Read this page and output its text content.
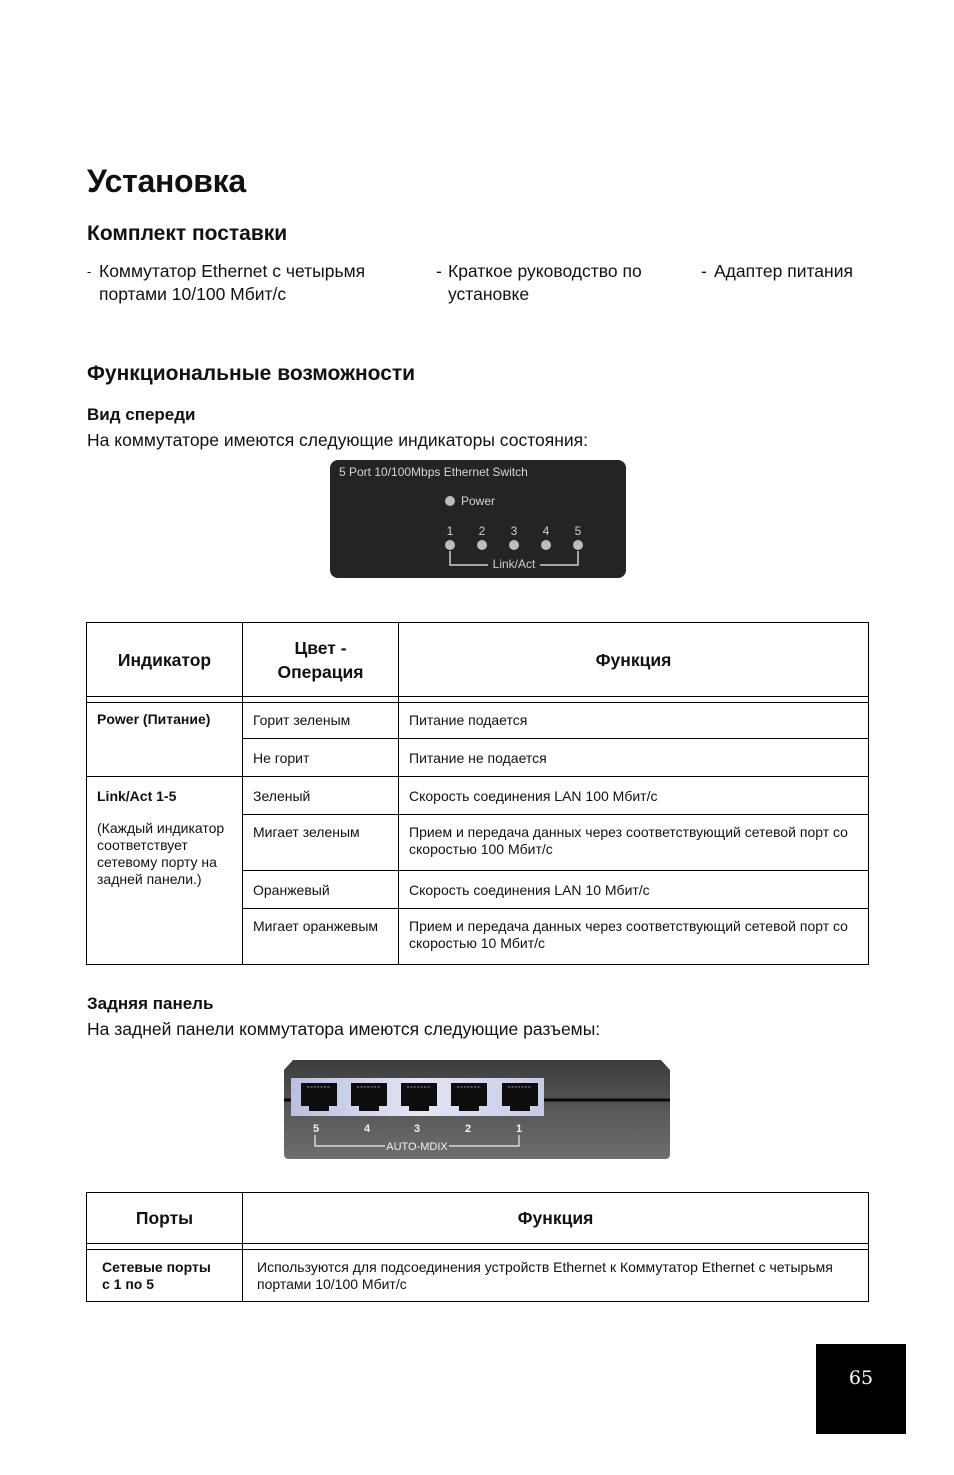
Установка
Комплект поставки
- Коммутатор Ethernet с четырьмя портами 10/100 Мбит/с
- Краткое руководство по установке
- Адаптер питания
Функциональные возможности
Вид спереди
На коммутаторе имеются следующие индикаторы состояния:
5 Port 10/100Mbps Ethernet Switch
Power
1 2 3 4 5
Link/Act
Индикатор	Цвет - Операция	Функция

Power (Питание)	Горит зеленым	Питание подается

	Не горит	Питание не подается

Link/Act 1-5
(Каждый индикатор соответствует сетевому порту на задней панели.)	Зеленый	Скорость соединения LAN 100 Мбит/с

	Мигает зеленым	Прием и передача данных через соответствующий сетевой порт со скоростью 100 Мбит/с

	Оранжевый	Скорость соединения LAN 10 Мбит/с

	Мигает оранжевым	Прием и передача данных через соответствующий сетевой порт со скоростью 10 Мбит/с
Задняя панель
На задней панели коммутатора имеются следующие разъемы:
5	4	3	2	1
AUTO-MDIX
Порты	Функция

Сетевые порты с 1 по 5	Используются для подсоединения устройств Ethernet к Коммутатор Ethernet с четырьмя портами 10/100 Мбит/с
65
